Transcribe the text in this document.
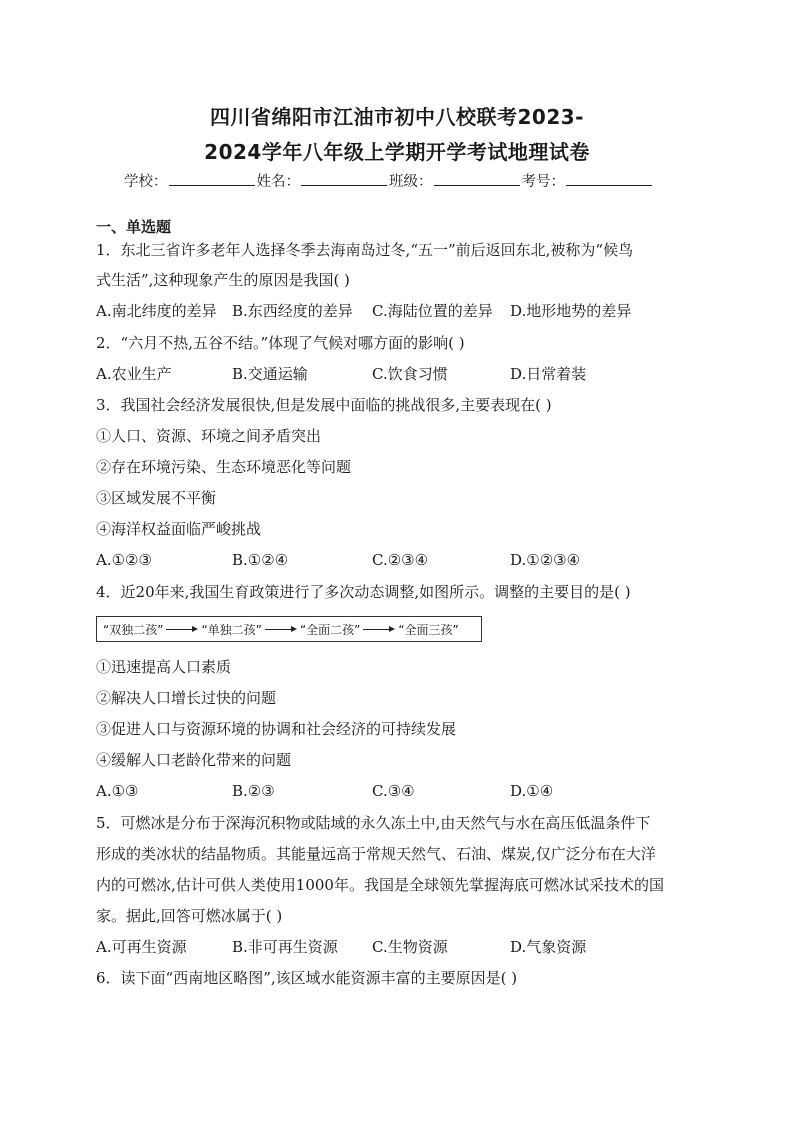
四川省绵阳市江油市初中八校联考2023-
2024学年八年级上学期开学考试地理试卷
学校：	姓名：	班级：	考号：
一、单选题
1．东北三省许多老年人选择冬季去海南岛过冬,“五一”前后返回东北,被称为“候鸟
式生活”,这种现象产生的原因是我国( )
A.南北纬度的差异 B.东西经度的差异 C.海陆位置的差异 D.地形地势的差异
2．“六月不热,五谷不结。”体现了气候对哪方面的影响( )
A.农业生产	B.交通运输	C.饮食习惯	D.日常着装
3．我国社会经济发展很快,但是发展中面临的挑战很多,主要表现在( )
①人口、资源、环境之间矛盾突出
②存在环境污染、生态环境恶化等问题
③区域发展不平衡
④海洋权益面临严峻挑战
A.①②③	B.①②④	C.②③④	D.①②③④
4．近20年来,我国生育政策进行了多次动态调整,如图所示。调整的主要目的是( )
“双独二孩”	“单独二孩”	“全面二孩”	“全面三孩”
①迅速提高人口素质
②解决人口增长过快的问题
③促进人口与资源环境的协调和社会经济的可持续发展
④缓解人口老龄化带来的问题
A.①③	B.②③	C.③④	D.①④
5．可燃冰是分布于深海沉积物或陆域的永久冻土中,由天然气与水在高压低温条件下
形成的类冰状的结晶物质。其能量远高于常规天然气、石油、煤炭,仅广泛分布在大洋
内的可燃冰,估计可供人类使用1000年。我国是全球领先掌握海底可燃冰试采技术的国
家。据此,回答可燃冰属于( )
A.可再生资源	B.非可再生资源 C.生物资源	D.气象资源
6．读下面“西南地区略图”,该区域水能资源丰富的主要原因是( )
